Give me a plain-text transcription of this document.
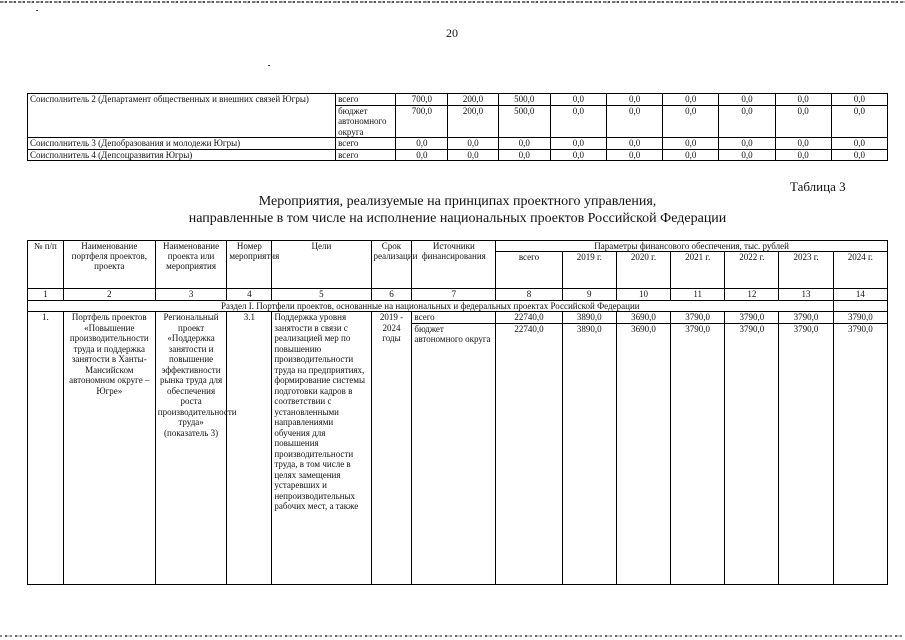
20
Соисполнитель 2 (Департамент общественных и внешних связей Югры)	всего	700,0	200,0	500,0	0,0	0,0	0,0	0,0	0,0	0,0
	бюджет автономного округа	700,0	200,0	500,0	0,0	0,0	0,0	0,0	0,0	0,0
Соисполнитель 3 (Депобразования и молодежи Югры)	всего	0,0	0,0	0,0	0,0	0,0	0,0	0,0	0,0	0,0
Соисполнитель 4 (Депсоцразвития Югры)	всего	0,0	0,0	0,0	0,0	0,0	0,0	0,0	0,0	0,0
Таблица 3
Мероприятия, реализуемые на принципах проектного управления,
направленные в том числе на исполнение национальных проектов Российской Федерации
№ п/п	Наименование портфеля проектов, проекта	Наименование проекта или мероприятия	Номер мероприятия	Цели	Срок реализации	Источники финансирования	Параметры финансового обеспечения, тыс. рублей						
							всего	2019 г.	2020 г.	2021 г.	2022 г.	2023 г.	2024 г.
1	2	3	4	5	6	7	8	9	10	11	12	13	14
Раздел I. Портфели проектов, основанные на национальных и федеральных проектах Российской Федерации													
1.	Портфель проектов «Повышение производительности труда и поддержка занятости в Ханты-Мансийском автономном округе – Югре»	Региональный проект «Поддержка занятости и повышение эффективности рынка труда для обеспечения роста производительности труда» (показатель 3)	3.1	Поддержка уровня занятости в связи с реализацией мер по повышению производительности труда на предприятиях, формирование системы подготовки кадров в соответствии с установленными направлениями обучения для повышения производительности труда, в том числе в целях замещения устаревших и непроизводительных рабочих мест, а также	2019 - 2024 годы	всего	22740,0	3890,0	3690,0	3790,0	3790,0	3790,0	3790,0
						бюджет автономного округа	22740,0	3890,0	3690,0	3790,0	3790,0	3790,0	3790,0
